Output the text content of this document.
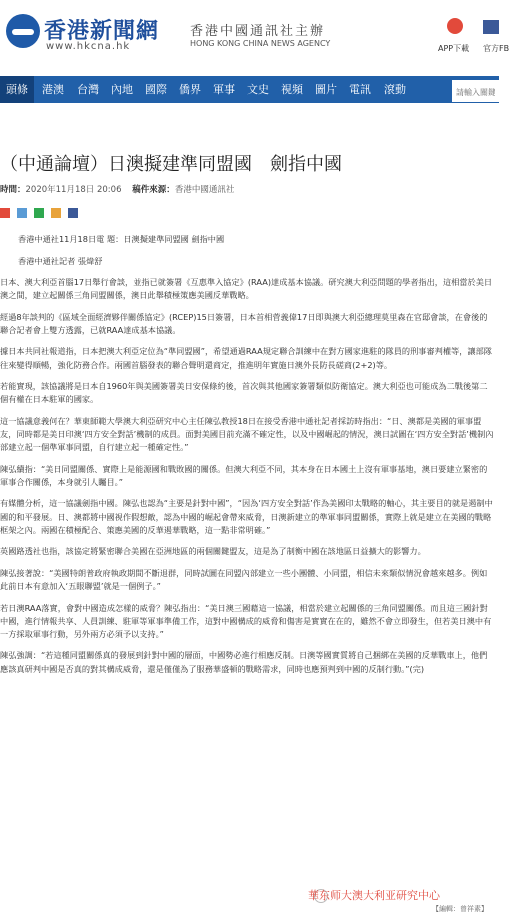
香港新聞網
www.hkcna.hk
香港中國通訊社主辦
HONG KONG CHINA NEWS AGENCY
APP下載 官方FB
頭條	港澳 台灣 內地 國際 僑界 軍事 文史 視頻 圖片 電訊 滾動
請輸入關鍵字
（中通論壇）日澳擬建準同盟國　劍指中國
時間：2020年11月18日 20:06 稿件來源：香港中國通訊社

香港中通社11月18日電 題：日澳擬建準同盟國 劍指中國

香港中通社記者 張煒舒

日本、澳大利亞首腦17日舉行會談，並指已就簽署《互惠準入協定》(RAA)達成基本協議。研究澳大利亞問題的學者指出，這相當於美日澳之間，建立起關係三角同盟關係，澳日此舉積極策應美國反華戰略。

經過8年談判的《區域全面經濟夥伴關係協定》(RCEP)15日簽署，日本首相菅義偉17日即與澳大利亞總理莫里森在官邸會談，在會後的聯合記者會上雙方透露，已就RAA達成基本協議。

據日本共同社報道指，日本把澳大利亞定位為“準同盟國”，希望通過RAA規定聯合訓練中在對方國家進駐的隊員的刑事審判權等，讓部隊往來變得順暢，強化防務合作。兩國首腦發表的聯合聲明還商定，推進明年實施日澳外長防長磋商(2+2)等。

若能實現，該協議將是日本自1960年與美國簽署美日安保條約後，首次與其他國家簽署類似防衛協定。澳大利亞也可能成為二戰後第二個有權在日本駐軍的國家。

這一協議意義何在？華東師範大學澳大利亞研究中心主任陳弘教授18日在接受香港中通社記者採訪時指出：“日、澳都是美國的軍事盟友，同時都是美日印澳‘四方安全對話’機制的成員。面對美國目前充滿不確定性，以及中國崛起的情況，澳日試圖在‘四方安全對話’機制內部建立起一個準軍事同盟，自行建立起一種確定性。”

陳弘續指：“美日同盟關係、實際上是能源國和戰敗國的關係。但澳大利亞不同，其本身在日本國土上沒有軍事基地，澳日要建立緊密的軍事合作關係，本身就引人矚目。”

有媒體分析，這一協議劍指中國。陳弘也認為“主要是針對中國”，“因為‘四方安全對話’作為美國印太戰略的軸心，其主要目的就是遏制中國的和平發展。日、澳都將中國視作假想敵，認為中國的崛起會帶來威脅，日澳新建立的準軍事同盟關係，實際上就是建立在美國的戰略框架之內。兩國在積極配合、策應美國的反華遏華戰略，這一點非常明確。”

英國路透社也指，該協定將緊密聯合美國在亞洲地區的兩個關鍵盟友，這是為了制衡中國在該地區日益擴大的影響力。

陳弘接著說：“美國特朗普政府執政期間不斷退群，同時試圖在同盟內部建立一些小團體、小同盟，相信未來類似情況會越來越多。例如此前日本有意加入‘五眼聯盟’就是一個例子。”

若日澳RAA落實，會對中國造成怎樣的威脅？陳弘指出：“美日澳三國藉這一協議，相當於建立起關係的三角同盟關係。而且這三國針對中國，進行情報共享、人員訓練、駐軍等軍事準備工作，這對中國構成的威脅和傷害是實實在在的，雖然不會立即發生，但若美日澳中有一方採取軍事行動，另外兩方必須予以支持。”

陳弘強調：“若這種同盟關係真的發展到針對中國的層面，中國勢必進行相應反制。日澳等國實質將自己捆綁在美國的反華戰車上，他們應該真研判中國是否真的對其構成威脅，還是僅僅為了服務華盛頓的戰略需求，同時也應預判到中國的反制行動。”(完)

華东师大澳大利亚研究中心
【編輯：曾祥素】
